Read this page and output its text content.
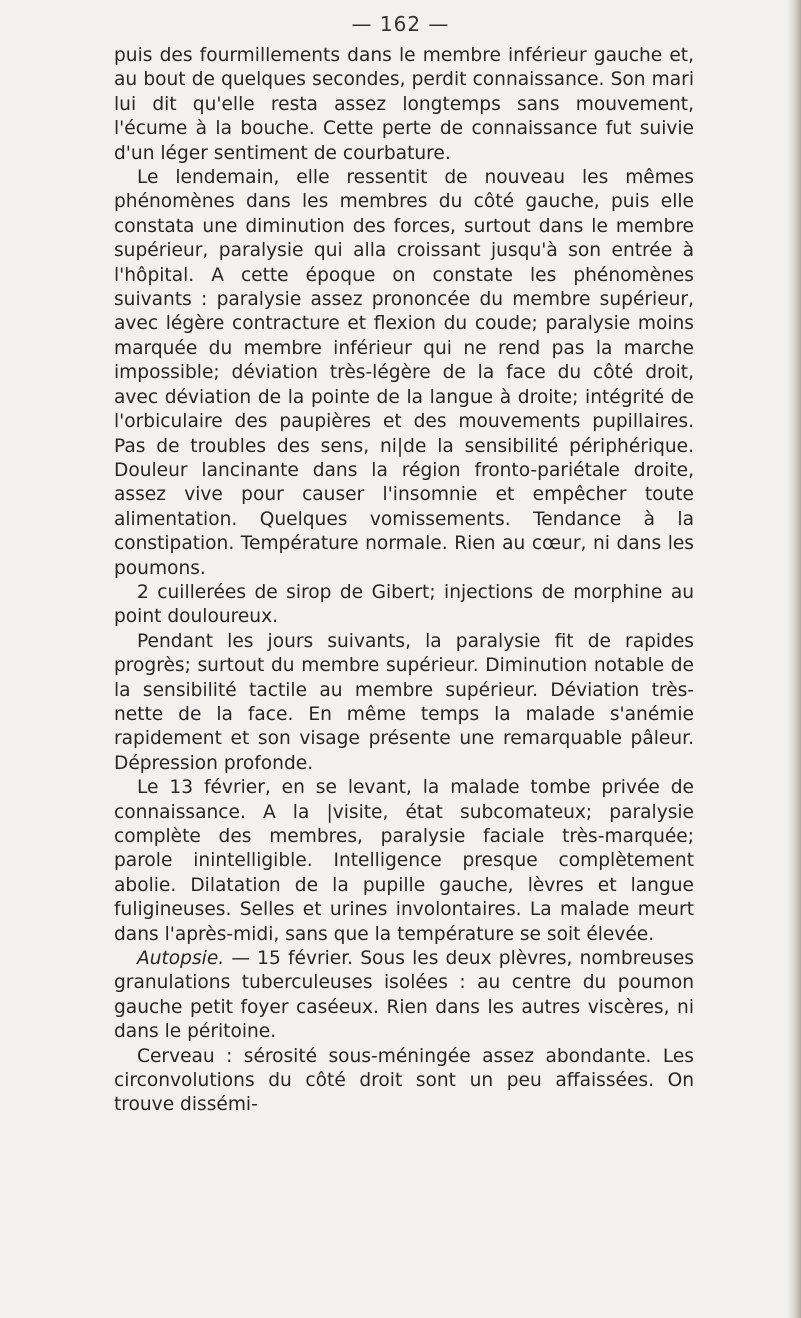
— 162 —

puis des fourmillements dans le membre inférieur gauche et, au bout de quelques secondes, perdit connaissance. Son mari lui dit qu'elle resta assez longtemps sans mouvement, l'écume à la bouche. Cette perte de connaissance fut suivie d'un léger sentiment de courbature.

Le lendemain, elle ressentit de nouveau les mêmes phénomènes dans les membres du côté gauche, puis elle constata une diminution des forces, surtout dans le membre supérieur, paralysie qui alla croissant jusqu'à son entrée à l'hôpital. A cette époque on constate les phénomènes suivants : paralysie assez prononcée du membre supérieur, avec légère contracture et flexion du coude; paralysie moins marquée du membre inférieur qui ne rend pas la marche impossible; déviation très-légère de la face du côté droit, avec déviation de la pointe de la langue à droite; intégrité de l'orbiculaire des paupières et des mouvements pupillaires. Pas de troubles des sens, ni|de la sensibilité périphérique. Douleur lancinante dans la région fronto-pariétale droite, assez vive pour causer l'insomnie et empêcher toute alimentation. Quelques vomissements. Tendance à la constipation. Température normale. Rien au cœur, ni dans les poumons.

2 cuillerées de sirop de Gibert; injections de morphine au point douloureux.

Pendant les jours suivants, la paralysie fit de rapides progrès; surtout du membre supérieur. Diminution notable de la sensibilité tactile au membre supérieur. Déviation très-nette de la face. En même temps la malade s'anémie rapidement et son visage présente une remarquable pâleur. Dépression profonde.

Le 13 février, en se levant, la malade tombe privée de connaissance. A la |visite, état subcomateux; paralysie complète des membres, paralysie faciale très-marquée; parole inintelligible. Intelligence presque complètement abolie. Dilatation de la pupille gauche, lèvres et langue fuligineuses. Selles et urines involontaires. La malade meurt dans l'après-midi, sans que la température se soit élevée.

Autopsie. — 15 février. Sous les deux plèvres, nombreuses granulations tuberculeuses isolées : au centre du poumon gauche petit foyer caséeux. Rien dans les autres viscères, ni dans le péritoine.

Cerveau : sérosité sous-méningée assez abondante. Les circonvolutions du côté droit sont un peu affaissées. On trouve dissémi-
